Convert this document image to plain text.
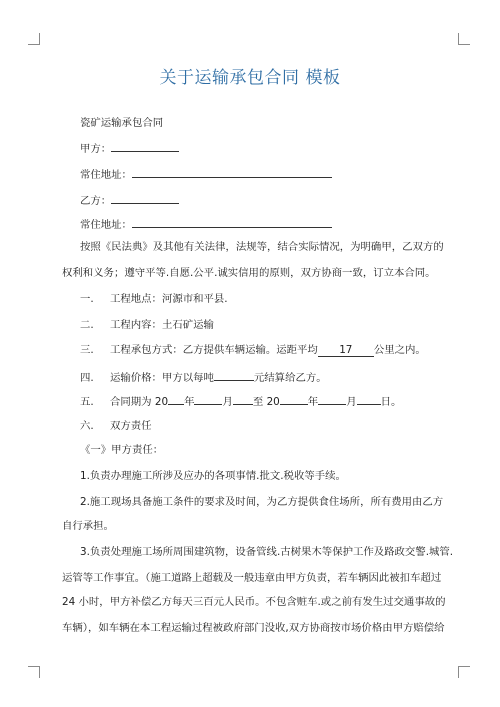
关于运输承包合同 模板
瓷矿运输承包合同
甲方：
常住地址：
乙方：
常住地址：
按照《民法典》及其他有关法律，法规等，结合实际情况，为明确甲，乙双方的
权利和义务；遵守平等.自愿.公平.诚实信用的原则，双方协商一致，订立本合同。
一. 工程地点：河源市和平县.
二. 工程内容：土石矿运输
三. 工程承包方式：乙方提供车辆运输。运距平均 17 公里之内。
四. 运输价格：甲方以每吨	元结算给乙方。
五. 合同期为 20 年	月 至 20	年	月 日。
六. 双方责任
《一》甲方责任：
1.负责办理施工所涉及应办的各项事情.批文.税收等手续。
2.施工现场具备施工条件的要求及时间，为乙方提供食住场所，所有费用由乙方
自行承担。
3.负责处理施工场所周围建筑物，设备管线.古树果木等保护工作及路政交警.城管.
运管等工作事宜。（施工道路上超载及一般违章由甲方负责，若车辆因此被扣车超过
24 小时，甲方补偿乙方每天三百元人民币。不包含赃车.或之前有发生过交通事故的
车辆），如车辆在本工程运输过程被政府部门没收,双方协商按市场价格由甲方赔偿给
